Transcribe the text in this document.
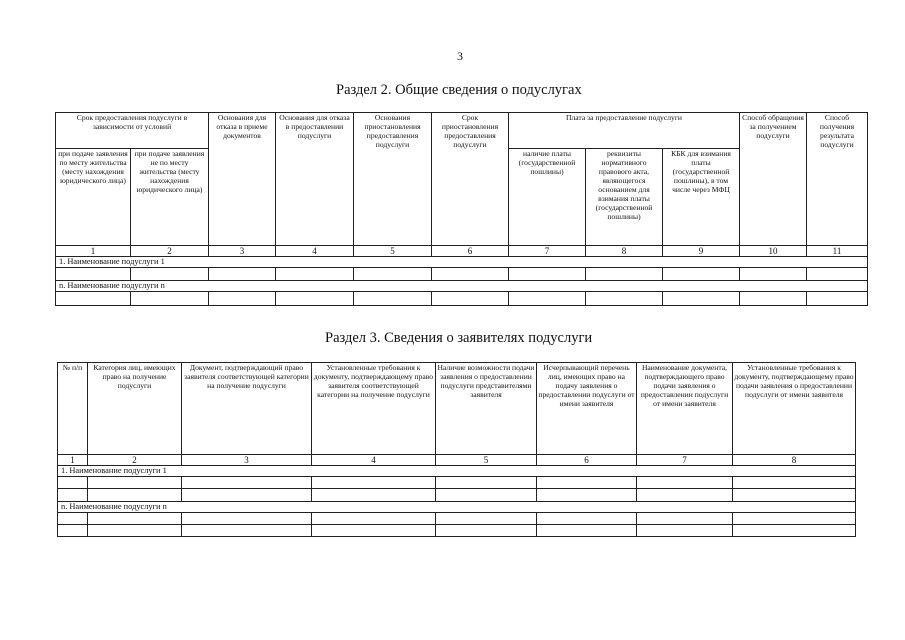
3
Раздел 2. Общие сведения о подуслугах
Срок предоставления подуслуги в зависимости от условий		Основания для отказа в приеме документов	Основания для отказа в предоставлении подуслуги	Основания приостановления предоставления подуслуги	Срок приостановления предоставления подуслуги	Плата за предоставление подуслуги			Способ обращения за получением подуслуги	Способ получения результата подуслуги
при подаче заявления по месту жительства (месту нахождения юридического лица)	при подаче заявления не по месту жительства (месту нахождения юридического лица)					наличие платы (государственной пошлины)	реквизиты нормативного правового акта, являющегося основанием для взимания платы (государственной пошлины)	КБК для взимания платы (государственной пошлины), в том числе через МФЦ		
1	2	3	4	5	6	7	8	9	10	11
1. Наименование подуслуги 1										

n. Наименование подуслуги n										

Раздел 3. Сведения о заявителях подуслуги
№ п/п	Категория лиц, имеющих право на получение подуслуги	Документ, подтверждающий право заявителя соответствующей категории на получение подуслуги	Установленные требования к документу, подтверждающему право заявителя соответствующей категории на получение подуслуги	Наличие возможности подачи заявления о предоставлении подуслуги представителями заявителя	Исчерпывающий перечень лиц, имеющих право на подачу заявления о предоставлении подуслуги от имени заявителя	Наименование документа, подтверждающего право подачи заявления о предоставлении подуслуги от имени заявителя	Установленные требования к документу, подтверждающему право подачи заявления о предоставлении подуслуги от имени заявителя
1	2	3	4	5	6	7	8
1. Наименование подуслуги 1							

n. Наименование подуслуги n							
